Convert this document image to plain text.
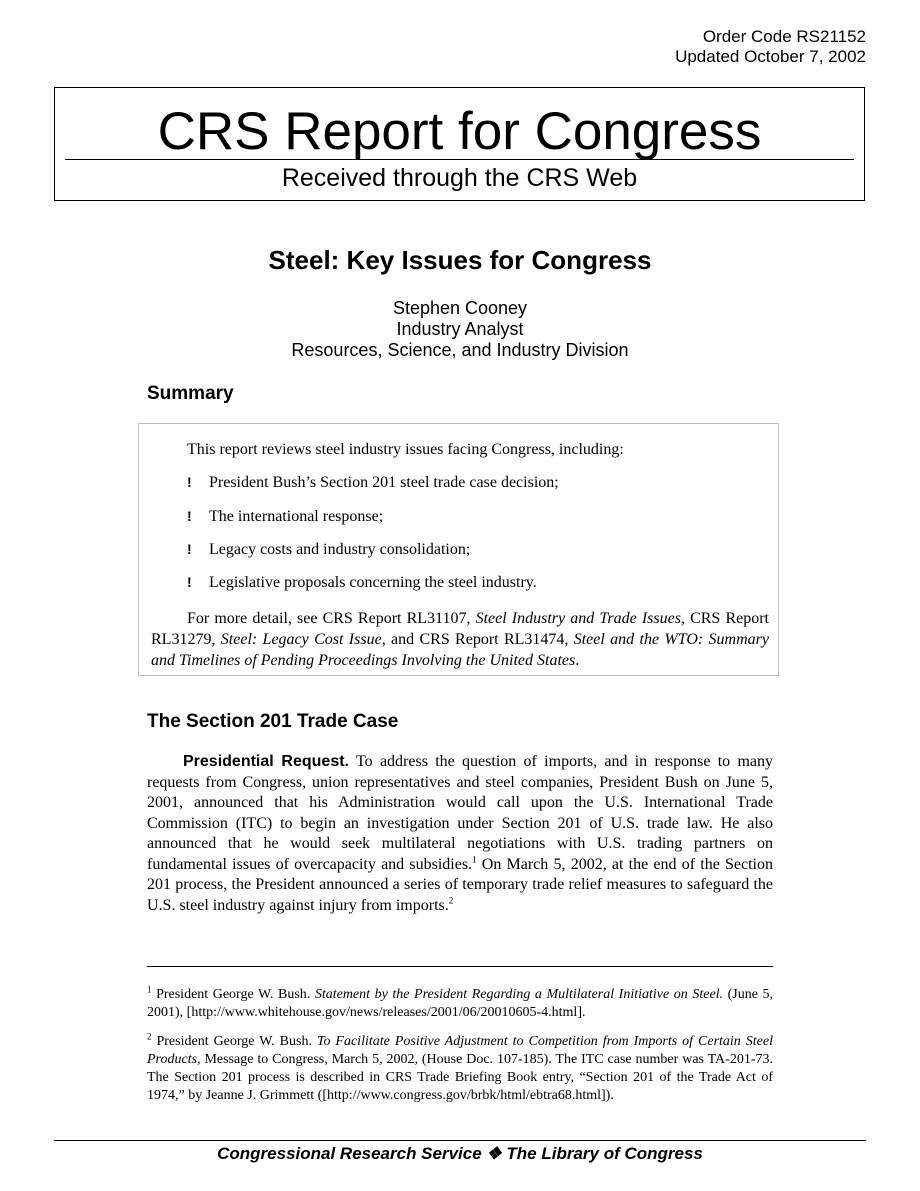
Order Code RS21152
Updated October 7, 2002
CRS Report for Congress
Received through the CRS Web
Steel: Key Issues for Congress
Stephen Cooney
Industry Analyst
Resources, Science, and Industry Division
Summary
This report reviews steel industry issues facing Congress, including:
! President Bush’s Section 201 steel trade case decision;
! The international response;
! Legacy costs and industry consolidation;
! Legislative proposals concerning the steel industry.
For more detail, see CRS Report RL31107, Steel Industry and Trade Issues, CRS Report RL31279, Steel: Legacy Cost Issue, and CRS Report RL31474, Steel and the WTO: Summary and Timelines of Pending Proceedings Involving the United States.
The Section 201 Trade Case

Presidential Request. To address the question of imports, and in response to many requests from Congress, union representatives and steel companies, President Bush on June 5, 2001, announced that his Administration would call upon the U.S. International Trade Commission (ITC) to begin an investigation under Section 201 of U.S. trade law. He also announced that he would seek multilateral negotiations with U.S. trading partners on fundamental issues of overcapacity and subsidies.$^1$ On March 5, 2002, at the end of the Section 201 process, the President announced a series of temporary trade relief measures to safeguard the U.S. steel industry against injury from imports.$^2$

$^1$ President George W. Bush. Statement by the President Regarding a Multilateral Initiative on Steel. (June 5, 2001), [http://www.whitehouse.gov/news/releases/2001/06/20010605-4.html].

$^2$ President George W. Bush. To Facilitate Positive Adjustment to Competition from Imports of Certain Steel Products, Message to Congress, March 5, 2002, (House Doc. 107-185). The ITC case number was TA-201-73. The Section 201 process is described in CRS Trade Briefing Book entry, “Section 201 of the Trade Act of 1974,” by Jeanne J. Grimmett ([http://www.congress.gov/brbk/html/ebtra68.html]).

Congressional Research Service ❖ The Library of Congress
